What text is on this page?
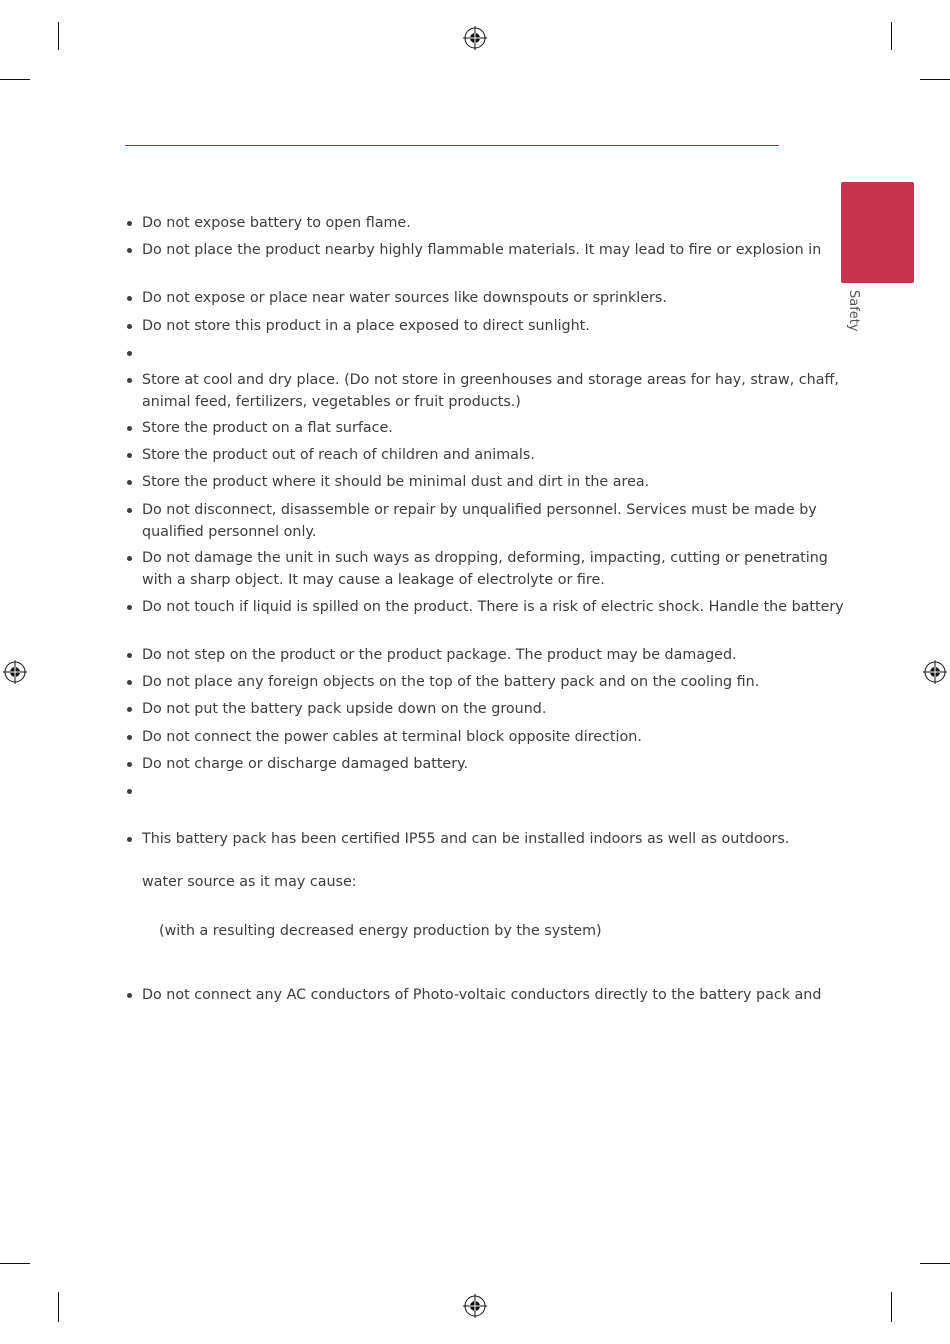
Safety
Do not expose battery to open flame.
Do not place the product nearby highly flammable materials. It may lead to fire or explosion in
Do not expose or place near water sources like downspouts or sprinklers.
Do not store this product in a place exposed to direct sunlight.
Store at cool and dry place. (Do not store in greenhouses and storage areas for hay, straw, chaff,
animal feed, fertilizers, vegetables or fruit products.)
Store the product on a flat surface.
Store the product out of reach of children and animals.
Store the product where it should be minimal dust and dirt in the area.
Do not disconnect, disassemble or repair by unqualified personnel. Services must be made by
qualified personnel only.
Do not damage the unit in such ways as dropping, deforming, impacting, cutting or penetrating
with a sharp object. It may cause a leakage of electrolyte or fire.
Do not touch if liquid is spilled on the product. There is a risk of electric shock. Handle the battery
Do not step on the product or the product package. The product may be damaged.
Do not place any foreign objects on the top of the battery pack and on the cooling fin.
Do not put the battery pack upside down on the ground.
Do not connect the power cables at terminal block opposite direction.
Do not charge or discharge damaged battery.
This battery pack has been certified IP55 and can be installed indoors as well as outdoors.
Do not connect any AC conductors of Photo-voltaic conductors directly to the battery pack and
water source as it may cause:
(with a resulting decreased energy production by the system)
